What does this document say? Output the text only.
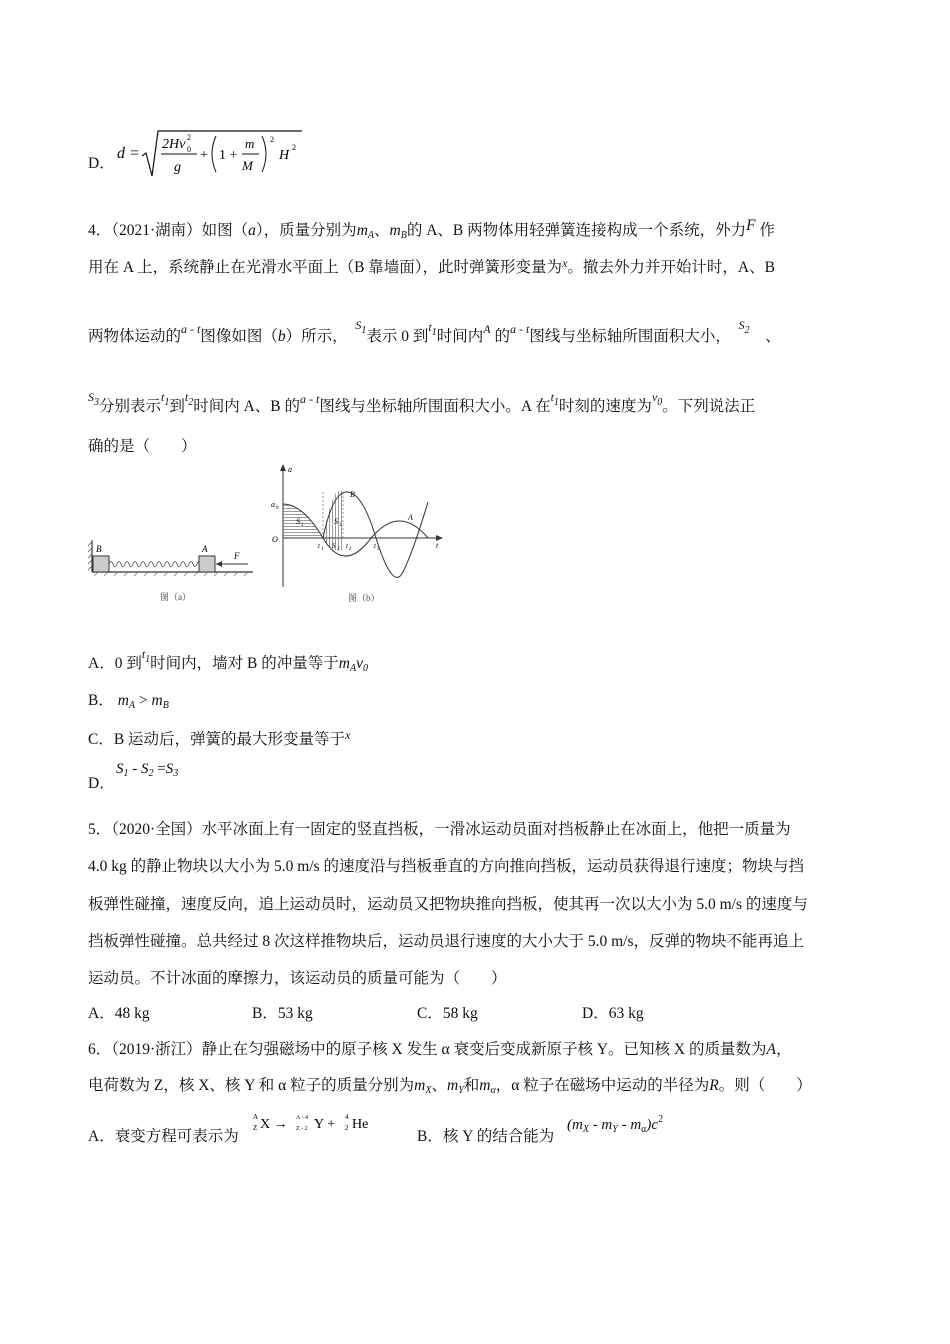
D．
d =
2Hv 0
2
g
+ 1 +
m
M
2
H
2
4．（2021·湖南）如图（a），质量分别为$m_A$、$m_B$的 A、B 两物体用轻弹簧连接构成一个系统，外力F 作
用在 A 上，系统静止在光滑水平面上（B 靠墙面），此时弹簧形变量为$^x$。撤去外力并开始计时，A、B
两物体运动的$^{a - t}$图像如图（b）所示，　$^{S1}$表示 0 到$^{t1}$时间内$^A$ 的$^{a - t}$图线与坐标轴所围面积大小，　$^{S2}$　 、
$^{S3}$分别表示$^{t1}$到$^{t2}$时间内 A、B 的$^{a - t}$图线与坐标轴所围面积大小。A 在$^{t1}$时刻的速度为$^{v0}$。下列说法正
确的是（　　）
B	A
F
图（a）
a
t
a 0
O
S 1	S 3
S 2
t 1	t 2	t 3
B
A
图（b）
A．0 到$^{t1}$时间内，墙对 B 的冲量等于$m_Av_0$
B． $m_A > m_B$
C．B 运动后，弹簧的最大形变量等于$^x$
D．
$S_1 - S_2 =S_3$
5．（2020·全国）水平冰面上有一固定的竖直挡板，一滑冰运动员面对挡板静止在冰面上，他把一质量为
4.0 kg 的静止物块以大小为 5.0 m/s 的速度沿与挡板垂直的方向推向挡板，运动员获得退行速度；物块与挡
板弹性碰撞，速度反向，追上运动员时，运动员又把物块推向挡板，使其再一次以大小为 5.0 m/s 的速度与
挡板弹性碰撞。总共经过 8 次这样推物块后，运动员退行速度的大小大于 5.0 m/s，反弹的物块不能再追上
运动员。不计冰面的摩擦力，该运动员的质量可能为（　　）
A．48 kg	B．53 kg	C．58 kg	D．63 kg
6．（2019·浙江）静止在匀强磁场中的原子核 X 发生 α 衰变后变成新原子核 Y。已知核 X 的质量数为A，
电荷数为 Z，核 X、核 Y 和 α 粒子的质量分别为$m_X$、$m_Y$和$m_\alpha$，α 粒子在磁场中运动的半径为R。则（　　）
A．衰变方程可表示为
A
Z X → A - 4
Z - 2 Y + 4
2 He
B．核 Y 的结合能为
$(m_X - m_Y - m_\alpha)c^2$
